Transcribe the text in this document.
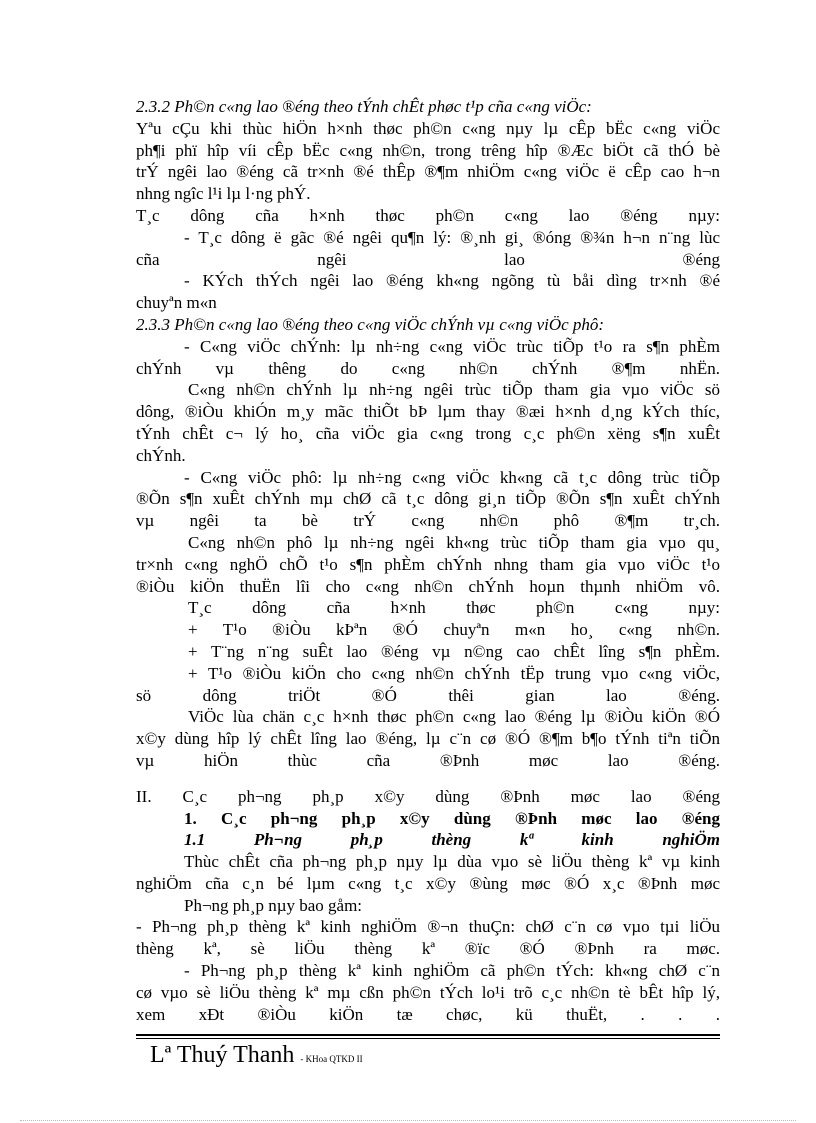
2.3.2 Ph©n c«ng lao ®éng theo tÝnh chÊt phøc t¹p cña c«ng viÖc:
Yªu cÇu khi thùc hiÖn h×nh thøc ph©n c«ng nµy lµ cÊp bËc c«ng viÖc
ph¶i phï hîp víi cÊp bËc c«ng nh©n, trong trêng hîp ®Æc biÖt cã thÓ bè
trÝ ngêi lao ®éng cã tr×nh ®é thÊp ®¶m nhiÖm c«ng viÖc ë cÊp cao h¬n
nhng ngîc l¹i lµ l·ng phÝ.
T¸c dông cña h×nh thøc ph©n c«ng lao ®éng nµy:
- T¸c dông ë gãc ®é ngêi qu¶n lý: ®¸nh gi¸ ®óng ®¾n h¬n n¨ng lùc
cña ngêi lao ®éng
- KÝch thÝch ngêi lao ®éng kh«ng ngõng tù båi dìng tr×nh ®é
chuyªn m«n
2.3.3 Ph©n c«ng lao ®éng theo c«ng viÖc chÝnh vµ c«ng viÖc phô:
- C«ng viÖc chÝnh: lµ nh÷ng c«ng viÖc trùc tiÕp t¹o ra s¶n phÈm
chÝnh vµ thêng do c«ng nh©n chÝnh ®¶m nhËn.
C«ng nh©n chÝnh lµ nh÷ng ngêi trùc tiÕp tham gia vµo viÖc sö
dông, ®iÒu khiÓn m¸y mãc thiÕt bÞ lµm thay ®æi h×nh d¸ng kÝch thíc,
tÝnh chÊt c¬ lý ho¸ cña viÖc gia c«ng trong c¸c ph©n xëng s¶n xuÊt
chÝnh.
- C«ng viÖc phô: lµ nh÷ng c«ng viÖc kh«ng cã t¸c dông trùc tiÕp
®Õn s¶n xuÊt chÝnh mµ chØ cã t¸c dông gi¸n tiÕp ®Õn s¶n xuÊt chÝnh
vµ ngêi ta bè trÝ c«ng nh©n phô ®¶m tr¸ch.
C«ng nh©n phô lµ nh÷ng ngêi kh«ng trùc tiÕp tham gia vµo qu¸
tr×nh c«ng nghÖ chÕ t¹o s¶n phÈm chÝnh nhng tham gia vµo viÖc t¹o
®iÒu kiÖn thuËn lîi cho c«ng nh©n chÝnh hoµn thµnh nhiÖm vô.
T¸c dông cña h×nh thøc ph©n c«ng nµy:
+ T¹o ®iÒu kÞªn ®Ó chuyªn m«n ho¸ c«ng nh©n.
+ T¨ng n¨ng suÊt lao ®éng vµ n©ng cao chÊt lîng s¶n phÈm.
+ T¹o ®iÒu kiÖn cho c«ng nh©n chÝnh tËp trung vµo c«ng viÖc,
sö dông triÖt ®Ó thêi gian lao ®éng.
ViÖc lùa chän c¸c h×nh thøc ph©n c«ng lao ®éng lµ ®iÒu kiÖn ®Ó
x©y dùng hîp lý chÊt lîng lao ®éng, lµ c¨n cø ®Ó ®¶m b¶o tÝnh tiªn tiÕn
vµ hiÖn thùc cña ®Þnh møc lao ®éng.
II. C¸c ph¬ng ph¸p x©y dùng ®Þnh møc lao ®éng
1. C¸c ph¬ng ph¸p x©y dùng ®Þnh møc lao ®éng
1.1 Ph¬ng ph¸p thèng kª kinh nghiÖm
Thùc chÊt cña ph¬ng ph¸p nµy lµ dùa vµo sè liÖu thèng kª vµ kinh
nghiÖm cña c¸n bé lµm c«ng t¸c x©y ®ùng møc ®Ó x¸c ®Þnh møc
Ph¬ng ph¸p nµy bao gåm:
- Ph¬ng ph¸p thèng kª kinh nghiÖm ®¬n thuÇn: chØ c¨n cø vµo tµi liÖu
thèng kª, sè liÖu thèng kª ®ïc ®Ó ®Þnh ra møc.
- Ph¬ng ph¸p thèng kª kinh nghiÖm cã ph©n tÝch: kh«ng chØ c¨n
cø vµo sè liÖu thèng kª mµ cßn ph©n tÝch lo¹i trõ c¸c nh©n tè bÊt hîp lý,
xem xÐt ®iÒu kiÖn tæ chøc, kü thuËt, . . .
Lª Thuý Thanh - KHoa QTKD II
